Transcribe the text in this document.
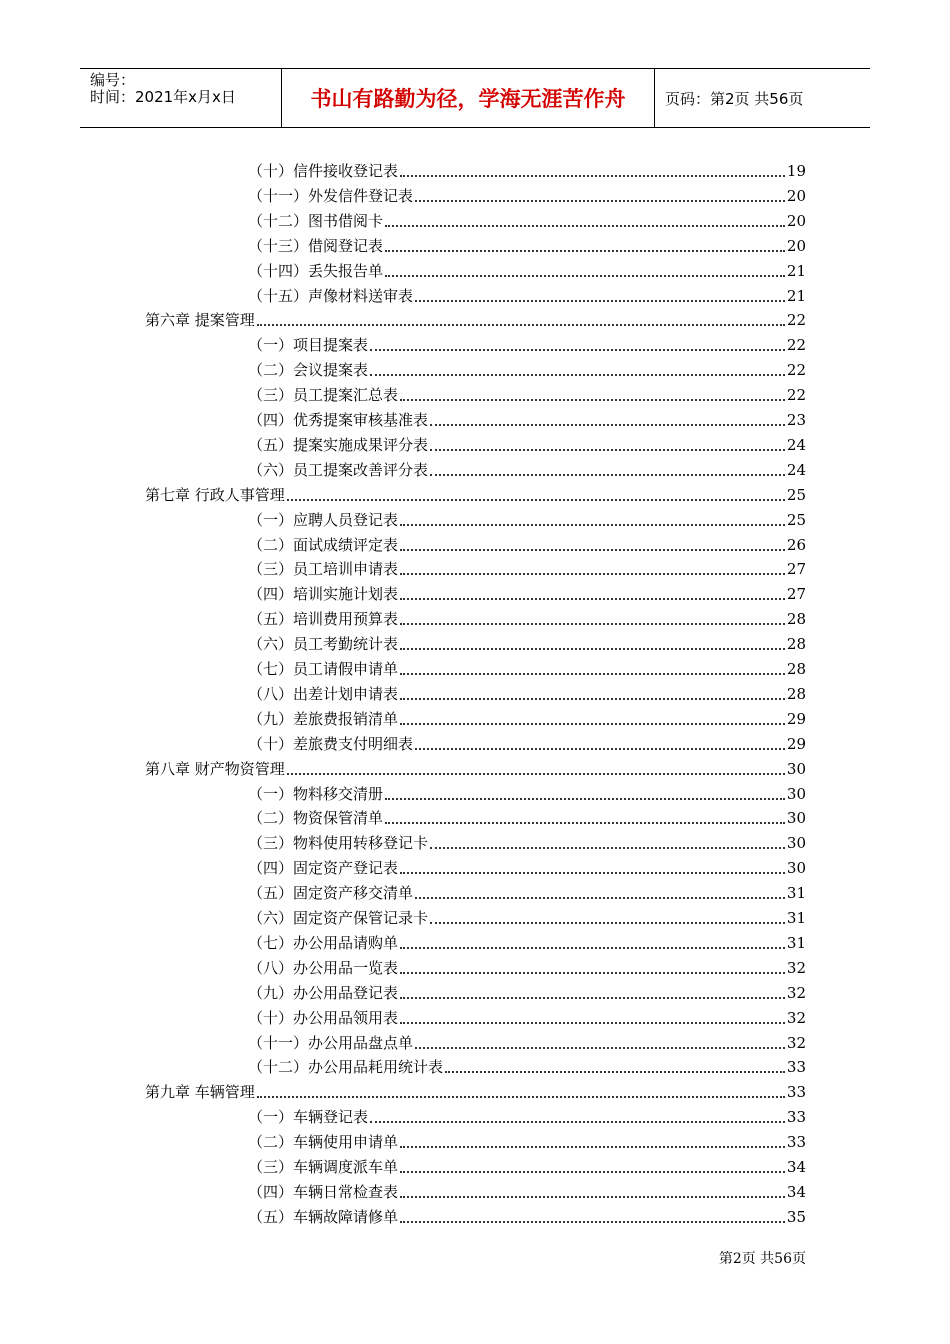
编号：
时间：2021年x月x日	书山有路勤为径，学海无涯苦作舟	页码：第2页 共56页
（十）信件接收登记表	19
（十一）外发信件登记表	20
（十二）图书借阅卡	20
（十三）借阅登记表	20
（十四）丢失报告单	21
（十五）声像材料送审表	21
第六章 提案管理	22
（一）项目提案表	22
（二）会议提案表	22
（三）员工提案汇总表	22
（四）优秀提案审核基准表	23
（五）提案实施成果评分表	24
（六）员工提案改善评分表	24
第七章 行政人事管理	25
（一）应聘人员登记表	25
（二）面试成绩评定表	26
（三）员工培训申请表	27
（四）培训实施计划表	27
（五）培训费用预算表	28
（六）员工考勤统计表	28
（七）员工请假申请单	28
（八）出差计划申请表	28
（九）差旅费报销清单	29
（十）差旅费支付明细表	29
第八章 财产物资管理	30
（一）物料移交清册	30
（二）物资保管清单	30
（三）物料使用转移登记卡	30
（四）固定资产登记表	30
（五）固定资产移交清单	31
（六）固定资产保管记录卡	31
（七）办公用品请购单	31
（八）办公用品一览表	32
（九）办公用品登记表	32
（十）办公用品领用表	32
（十一）办公用品盘点单	32
（十二）办公用品耗用统计表	33
第九章 车辆管理	33
（一）车辆登记表	33
（二）车辆使用申请单	33
（三）车辆调度派车单	34
（四）车辆日常检查表	34
（五）车辆故障请修单	35
第2页 共56页
